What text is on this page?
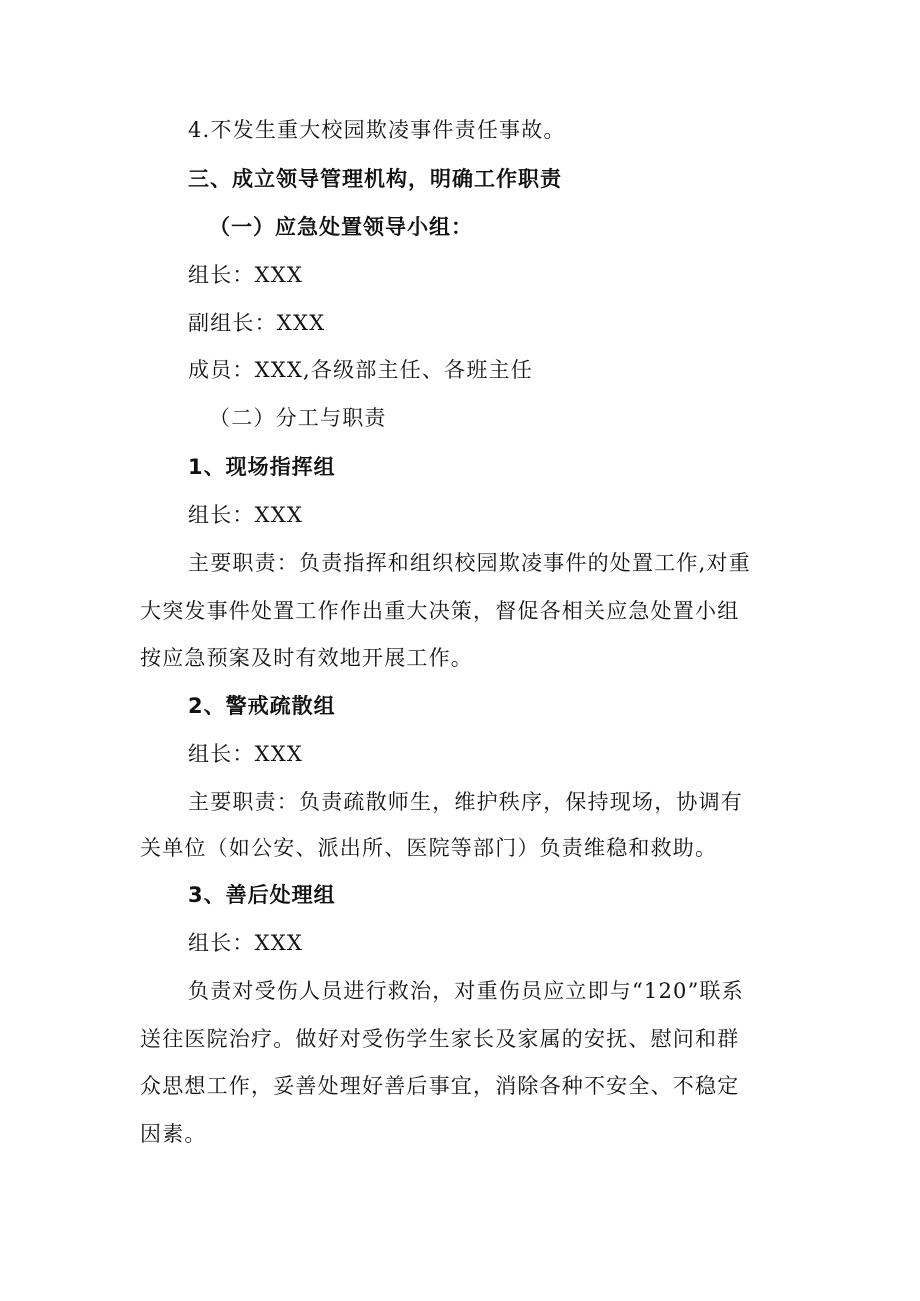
4.不发生重大校园欺凌事件责任事故。
三、成立领导管理机构，明确工作职责
（一）应急处置领导小组：
组长：XXX
副组长：XXX
成员：XXX,各级部主任、各班主任
（二）分工与职责
1、现场指挥组
组长：XXX
主要职责：负责指挥和组织校园欺凌事件的处置工作,对重
大突发事件处置工作作出重大决策，督促各相关应急处置小组
按应急预案及时有效地开展工作。
2、警戒疏散组
组长：XXX
主要职责：负责疏散师生，维护秩序，保持现场，协调有
关单位（如公安、派出所、医院等部门）负责维稳和救助。
3、善后处理组
组长：XXX
负责对受伤人员进行救治，对重伤员应立即与“120”联系
送往医院治疗。做好对受伤学生家长及家属的安抚、慰问和群
众思想工作，妥善处理好善后事宜，消除各种不安全、不稳定
因素。
